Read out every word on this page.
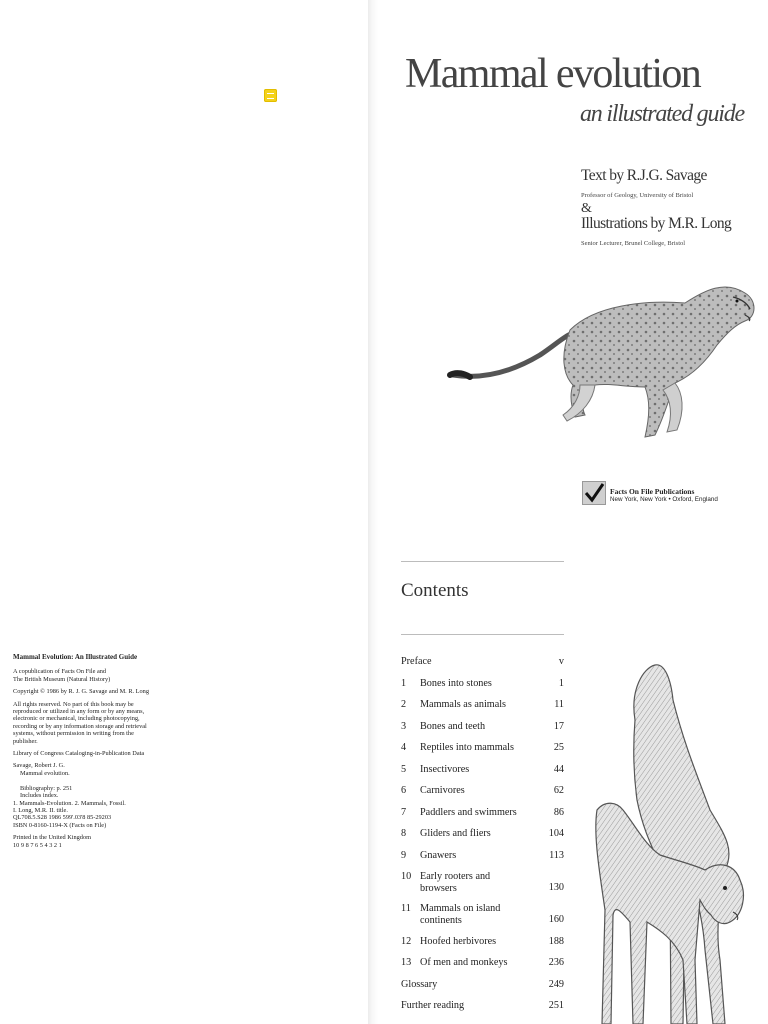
Mammal Evolution: An Illustrated Guide

A copublication of Facts On File and
The British Museum (Natural History)

Copyright © 1986 by R. J. G. Savage and M. R. Long

All rights reserved. No part of this book may be
reproduced or utilized in any form or by any means,
electronic or mechanical, including photocopying,
recording or by any information storage and retrieval
systems, without permission in writing from the
publisher.

Library of Congress Cataloging-in-Publication Data

Savage, Robert J. G.
Mammal evolution.

Bibliography: p. 251
Includes index.
1. Mammals-Evolution. 2. Mammals, Fossil.
I. Long, M.R. II. title.
QL708.5.S28 1986 599'.03'8 85-29203
ISBN 0-8160-1194-X (Facts on File)

Printed in the United Kingdom
10 9 8 7 6 5 4 3 2 1

Mammal evolution
an illustrated guide
Text by R.J.G. Savage
Professor of Geology, University of Bristol
&
Illustrations by M.R. Long
Senior Lecturer, Brunel College, Bristol
Facts On File Publications
New York, New York • Oxford, England
Contents
Preface	v
1 Bones into stones	1
2 Mammals as animals	11
3 Bones and teeth	17
4 Reptiles into mammals	25
5 Insectivores	44
6 Carnivores	62
7 Paddlers and swimmers	86
8 Gliders and fliers	104
9 Gnawers	113
10 Early rooters and browsers	130
11 Mammals on island continents	160
12 Hoofed herbivores	188
13 Of men and monkeys	236
Glossary	249
Further reading	251
